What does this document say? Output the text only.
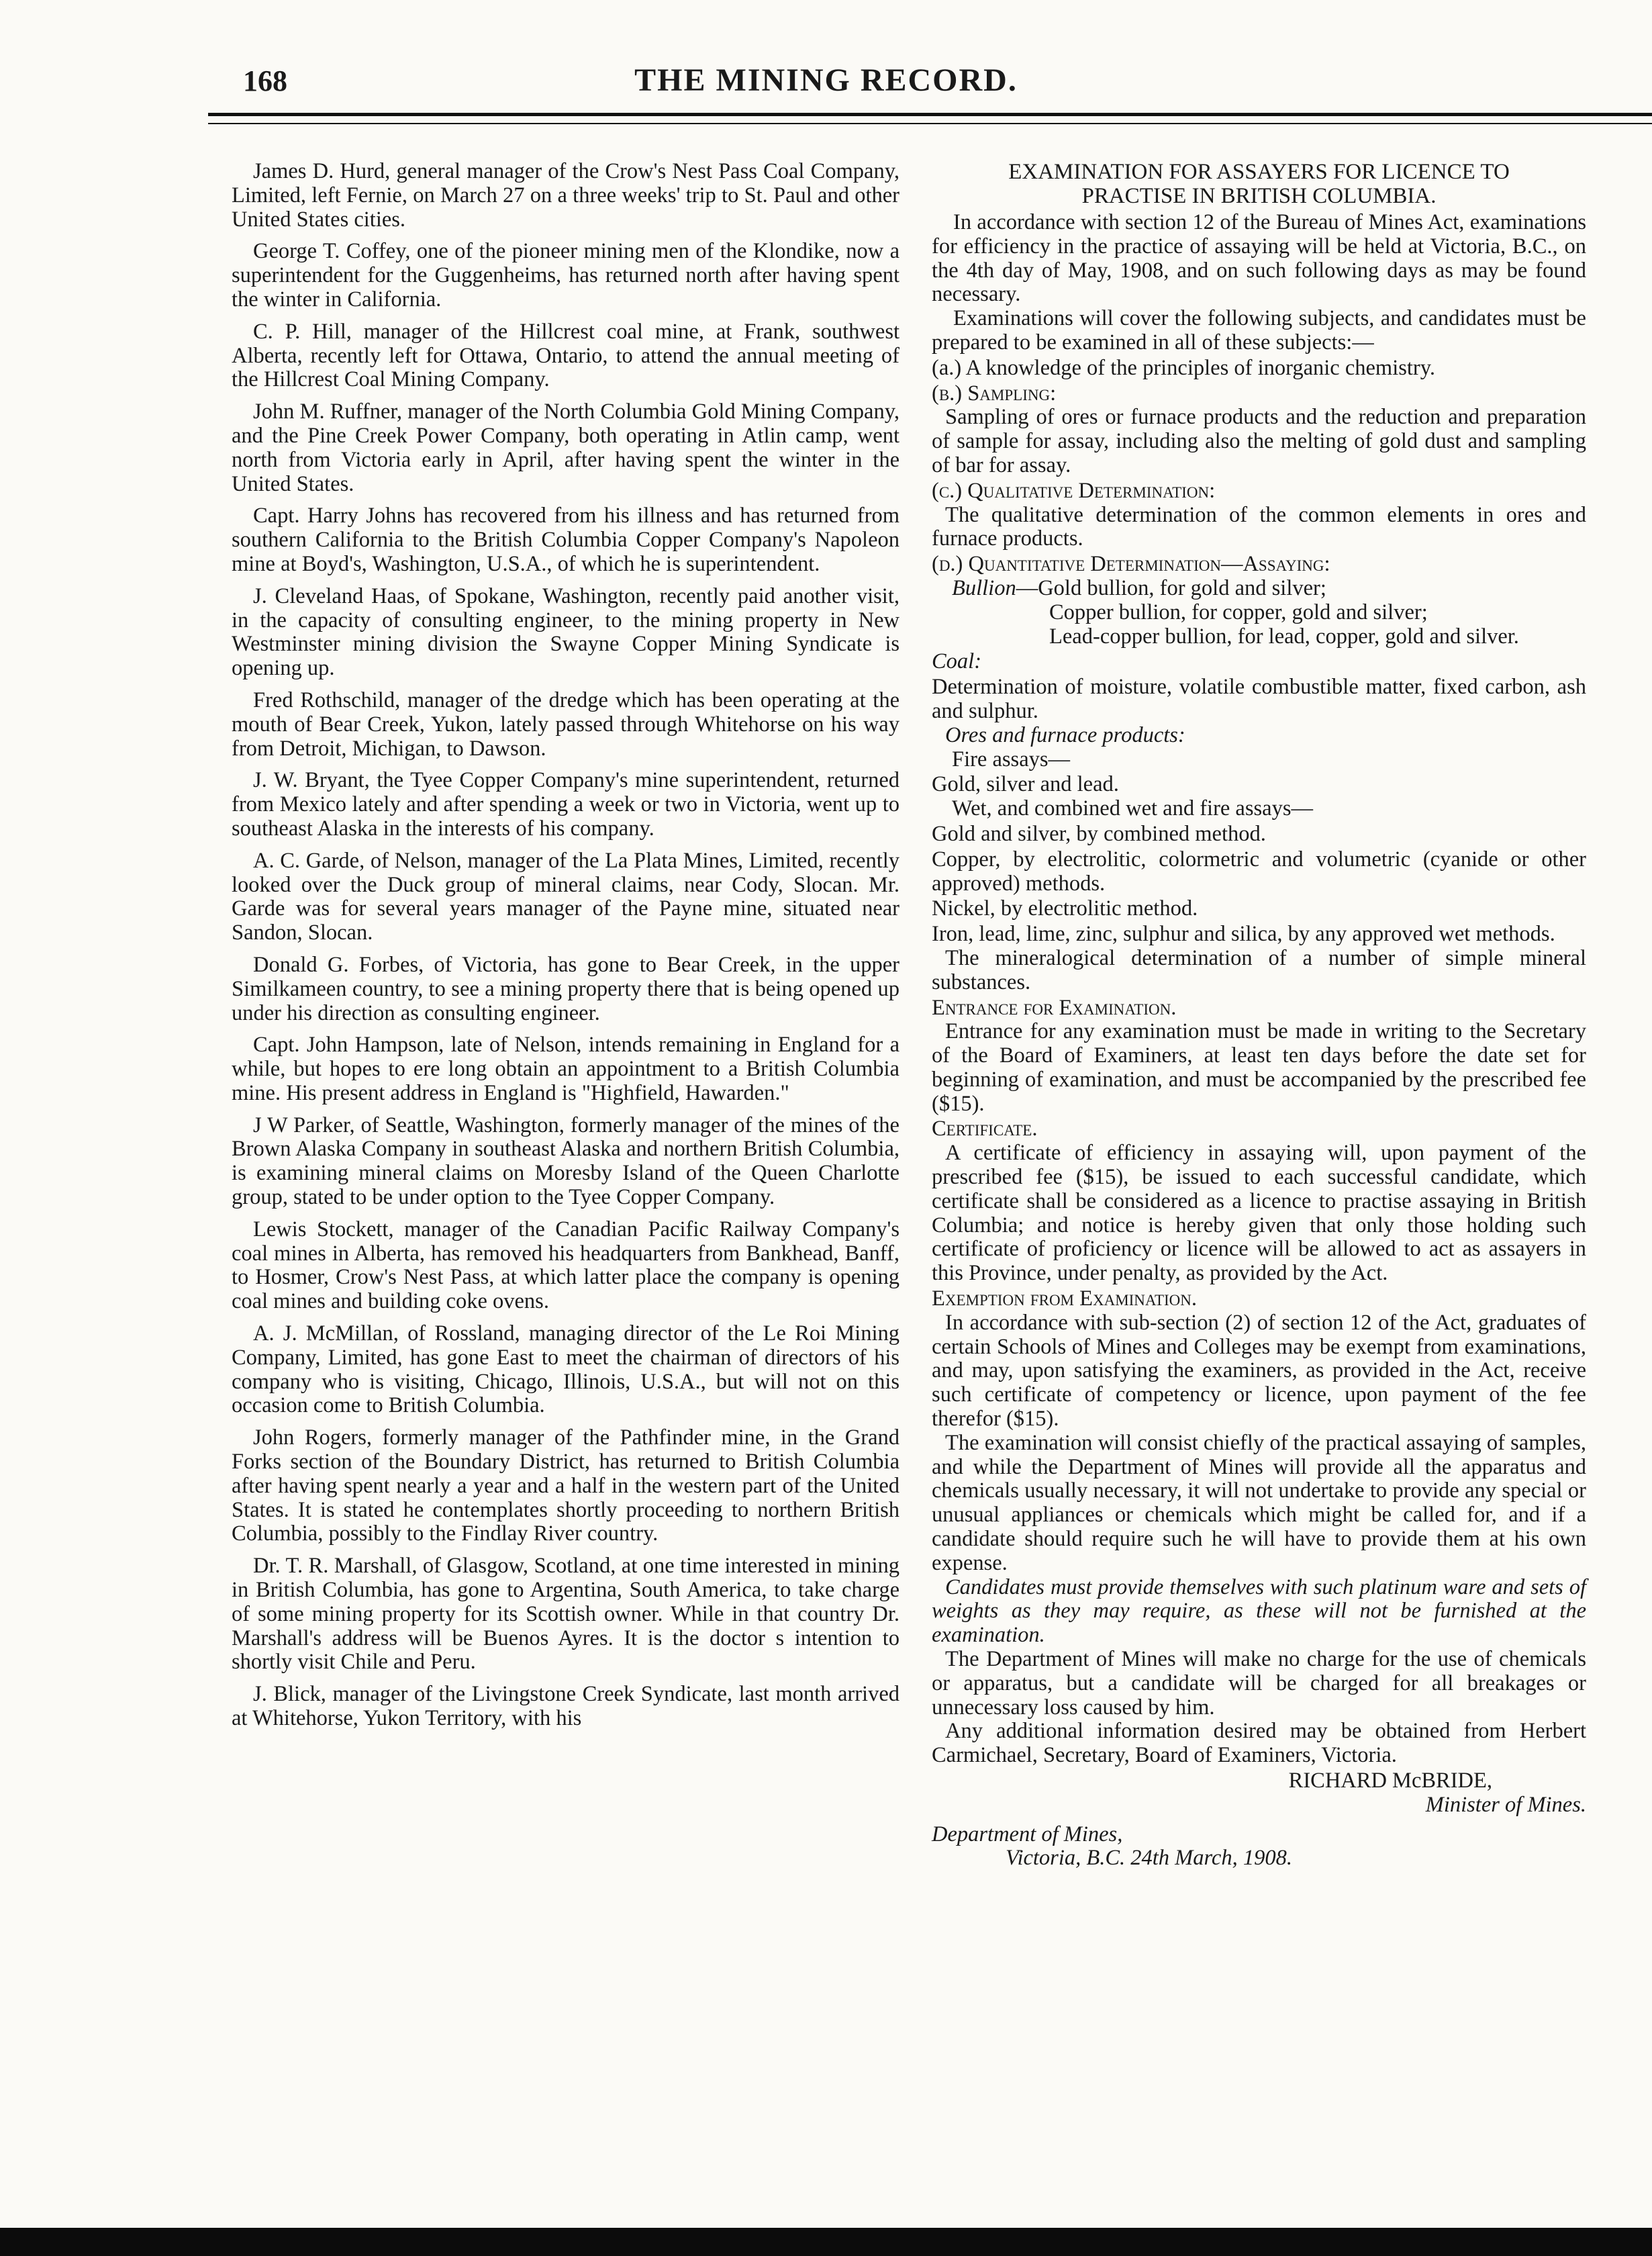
168	THE MINING RECORD.

James D. Hurd, general manager of the Crow's Nest Pass Coal Company, Limited, left Fernie, on March 27 on a three weeks' trip to St. Paul and other United States cities.

George T. Coffey, one of the pioneer mining men of the Klondike, now a superintendent for the Guggenheims, has returned north after having spent the winter in California.

C. P. Hill, manager of the Hillcrest coal mine, at Frank, southwest Alberta, recently left for Ottawa, Ontario, to attend the annual meeting of the Hillcrest Coal Mining Company.

John M. Ruffner, manager of the North Columbia Gold Mining Company, and the Pine Creek Power Company, both operating in Atlin camp, went north from Victoria early in April, after having spent the winter in the United States.

Capt. Harry Johns has recovered from his illness and has returned from southern California to the British Columbia Copper Company's Napoleon mine at Boyd's, Washington, U.S.A., of which he is superintendent.

J. Cleveland Haas, of Spokane, Washington, recently paid another visit, in the capacity of consulting engineer, to the mining property in New Westminster mining division the Swayne Copper Mining Syndicate is opening up.

Fred Rothschild, manager of the dredge which has been operating at the mouth of Bear Creek, Yukon, lately passed through Whitehorse on his way from Detroit, Michigan, to Dawson.

J. W. Bryant, the Tyee Copper Company's mine superintendent, returned from Mexico lately and after spending a week or two in Victoria, went up to southeast Alaska in the interests of his company.

A. C. Garde, of Nelson, manager of the La Plata Mines, Limited, recently looked over the Duck group of mineral claims, near Cody, Slocan. Mr. Garde was for several years manager of the Payne mine, situated near Sandon, Slocan.

Donald G. Forbes, of Victoria, has gone to Bear Creek, in the upper Similkameen country, to see a mining property there that is being opened up under his direction as consulting engineer.

Capt. John Hampson, late of Nelson, intends remaining in England for a while, but hopes to ere long obtain an appointment to a British Columbia mine. His present address in England is "Highfield, Hawarden."

J W Parker, of Seattle, Washington, formerly manager of the mines of the Brown Alaska Company in southeast Alaska and northern British Columbia, is examining mineral claims on Moresby Island of the Queen Charlotte group, stated to be under option to the Tyee Copper Company.

Lewis Stockett, manager of the Canadian Pacific Railway Company's coal mines in Alberta, has removed his headquarters from Bankhead, Banff, to Hosmer, Crow's Nest Pass, at which latter place the company is opening coal mines and building coke ovens.

A. J. McMillan, of Rossland, managing director of the Le Roi Mining Company, Limited, has gone East to meet the chairman of directors of his company who is visiting, Chicago, Illinois, U.S.A., but will not on this occasion come to British Columbia.

John Rogers, formerly manager of the Pathfinder mine, in the Grand Forks section of the Boundary District, has returned to British Columbia after having spent nearly a year and a half in the western part of the United States. It is stated he contemplates shortly proceeding to northern British Columbia, possibly to the Findlay River country.

Dr. T. R. Marshall, of Glasgow, Scotland, at one time interested in mining in British Columbia, has gone to Argentina, South America, to take charge of some mining property for its Scottish owner. While in that country Dr. Marshall's address will be Buenos Ayres. It is the doctor s intention to shortly visit Chile and Peru.

J. Blick, manager of the Livingstone Creek Syndicate, last month arrived at Whitehorse, Yukon Territory, with his

EXAMINATION FOR ASSAYERS FOR LICENCE TO
PRACTISE IN BRITISH COLUMBIA.

In accordance with section 12 of the Bureau of Mines Act, examinations for efficiency in the practice of assaying will be held at Victoria, B.C., on the 4th day of May, 1908, and on such following days as may be found necessary.

Examinations will cover the following subjects, and candidates must be prepared to be examined in all of these subjects:—

(a.) A knowledge of the principles of inorganic chemistry.

(b.) Sampling:

Sampling of ores or furnace products and the reduction and preparation of sample for assay, including also the melting of gold dust and sampling of bar for assay.

(c.) Qualitative Determination:

The qualitative determination of the common elements in ores and furnace products.

(d.) Quantitative Determination—Assaying:

Bullion—Gold bullion, for gold and silver;

Copper bullion, for copper, gold and silver;

Lead-copper bullion, for lead, copper, gold and silver.

Coal:

Determination of moisture, volatile combustible matter, fixed carbon, ash and sulphur.

Ores and furnace products:

Fire assays—

Gold, silver and lead.

Wet, and combined wet and fire assays—

Gold and silver, by combined method.

Copper, by electrolitic, colormetric and volumetric (cyanide or other approved) methods.

Nickel, by electrolitic method.

Iron, lead, lime, zinc, sulphur and silica, by any approved wet methods.

The mineralogical determination of a number of simple mineral substances.

Entrance for Examination.

Entrance for any examination must be made in writing to the Secretary of the Board of Examiners, at least ten days before the date set for beginning of examination, and must be accompanied by the prescribed fee ($15).

Certificate.

A certificate of efficiency in assaying will, upon payment of the prescribed fee ($15), be issued to each successful candidate, which certificate shall be considered as a licence to practise assaying in British Columbia; and notice is hereby given that only those holding such certificate of proficiency or licence will be allowed to act as assayers in this Province, under penalty, as provided by the Act.

Exemption from Examination.

In accordance with sub-section (2) of section 12 of the Act, graduates of certain Schools of Mines and Colleges may be exempt from examinations, and may, upon satisfying the examiners, as provided in the Act, receive such certificate of competency or licence, upon payment of the fee therefor ($15).

The examination will consist chiefly of the practical assaying of samples, and while the Department of Mines will provide all the apparatus and chemicals usually necessary, it will not undertake to provide any special or unusual appliances or chemicals which might be called for, and if a candidate should require such he will have to provide them at his own expense.

Candidates must provide themselves with such platinum ware and sets of weights as they may require, as these will not be furnished at the examination.

The Department of Mines will make no charge for the use of chemicals or apparatus, but a candidate will be charged for all breakages or unnecessary loss caused by him.

Any additional information desired may be obtained from Herbert Carmichael, Secretary, Board of Examiners, Victoria.

RICHARD McBRIDE,

Minister of Mines.

Department of Mines,

Victoria, B.C. 24th March, 1908.
